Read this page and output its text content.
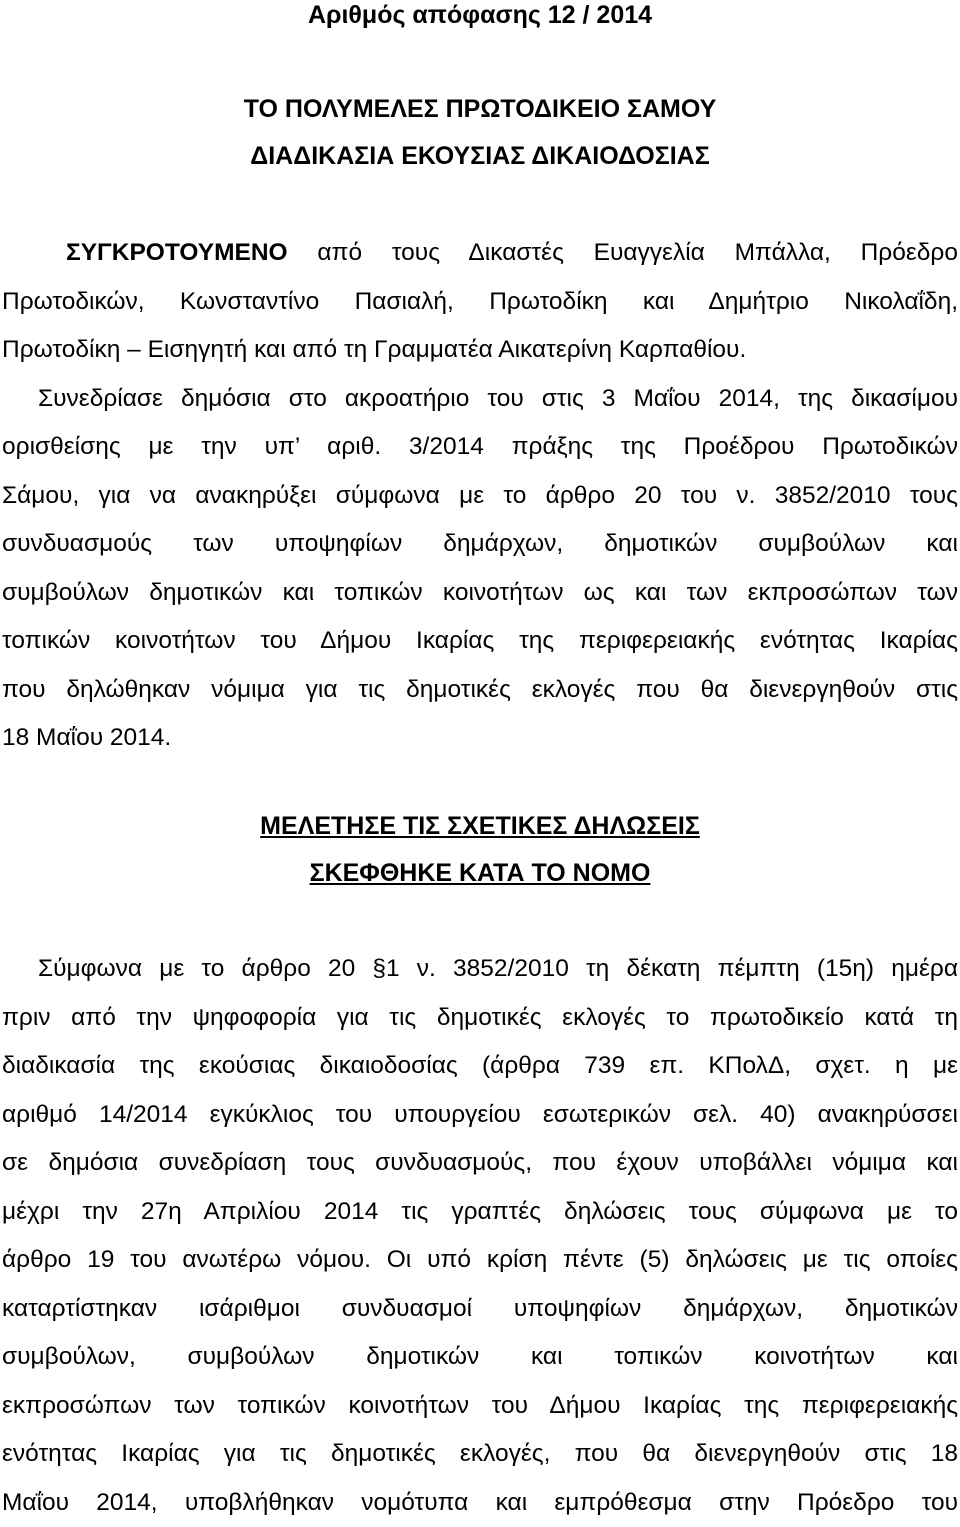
Αριθμός απόφασης 12 / 2014
ΤΟ ΠΟΛΥΜΕΛΕΣ ΠΡΩΤΟΔΙΚΕΙΟ ΣΑΜΟΥ
ΔΙΑΔΙΚΑΣΙΑ ΕΚΟΥΣΙΑΣ ΔΙΚΑΙΟΔΟΣΙΑΣ
ΣΥΓΚΡΟΤΟΥΜΕΝΟ από τους Δικαστές Ευαγγελία Μπάλλα, Πρόεδρο
Πρωτοδικών, Κωνσταντίνο Πασιαλή, Πρωτοδίκη και Δημήτριο Νικολαΐδη,
Πρωτοδίκη – Εισηγητή και από τη Γραμματέα Αικατερίνη Καρπαθίου.
Συνεδρίασε δημόσια στο ακροατήριο του στις 3 Μαΐου 2014, της δικασίμου
ορισθείσης με την υπ’ αριθ. 3/2014 πράξης της Προέδρου Πρωτοδικών
Σάμου, για να ανακηρύξει σύμφωνα με το άρθρο 20 του ν. 3852/2010 τους
συνδυασμούς των υποψηφίων δημάρχων, δημοτικών συμβούλων και
συμβούλων δημοτικών και τοπικών κοινοτήτων ως και των εκπροσώπων των
τοπικών κοινοτήτων του Δήμου Ικαρίας της περιφερειακής ενότητας Ικαρίας
που δηλώθηκαν νόμιμα για τις δημοτικές εκλογές που θα διενεργηθούν στις
18 Μαΐου 2014.
ΜΕΛΕΤΗΣΕ ΤΙΣ ΣΧΕΤΙΚΕΣ ΔΗΛΩΣΕΙΣ
ΣΚΕΦΘΗΚΕ ΚΑΤΑ ΤΟ ΝΟΜΟ
Σύμφωνα με το άρθρο 20 §1 ν. 3852/2010 τη δέκατη πέμπτη (15η) ημέρα
πριν από την ψηφοφορία για τις δημοτικές εκλογές το πρωτοδικείο κατά τη
διαδικασία της εκούσιας δικαιοδοσίας (άρθρα 739 επ. ΚΠολΔ, σχετ. η με
αριθμό 14/2014 εγκύκλιος του υπουργείου εσωτερικών σελ. 40) ανακηρύσσει
σε δημόσια συνεδρίαση τους συνδυασμούς, που έχουν υποβάλλει νόμιμα και
μέχρι την 27η Απριλίου 2014 τις γραπτές δηλώσεις τους σύμφωνα με το
άρθρο 19 του ανωτέρω νόμου. Οι υπό κρίση πέντε (5) δηλώσεις με τις οποίες
καταρτίστηκαν ισάριθμοι συνδυασμοί υποψηφίων δημάρχων, δημοτικών
συμβούλων, συμβούλων δημοτικών και τοπικών κοινοτήτων και
εκπροσώπων των τοπικών κοινοτήτων του Δήμου Ικαρίας της περιφερειακής
ενότητας Ικαρίας για τις δημοτικές εκλογές, που θα διενεργηθούν στις 18
Μαΐου 2014, υποβλήθηκαν νομότυπα και εμπρόθεσμα στην Πρόεδρο του
